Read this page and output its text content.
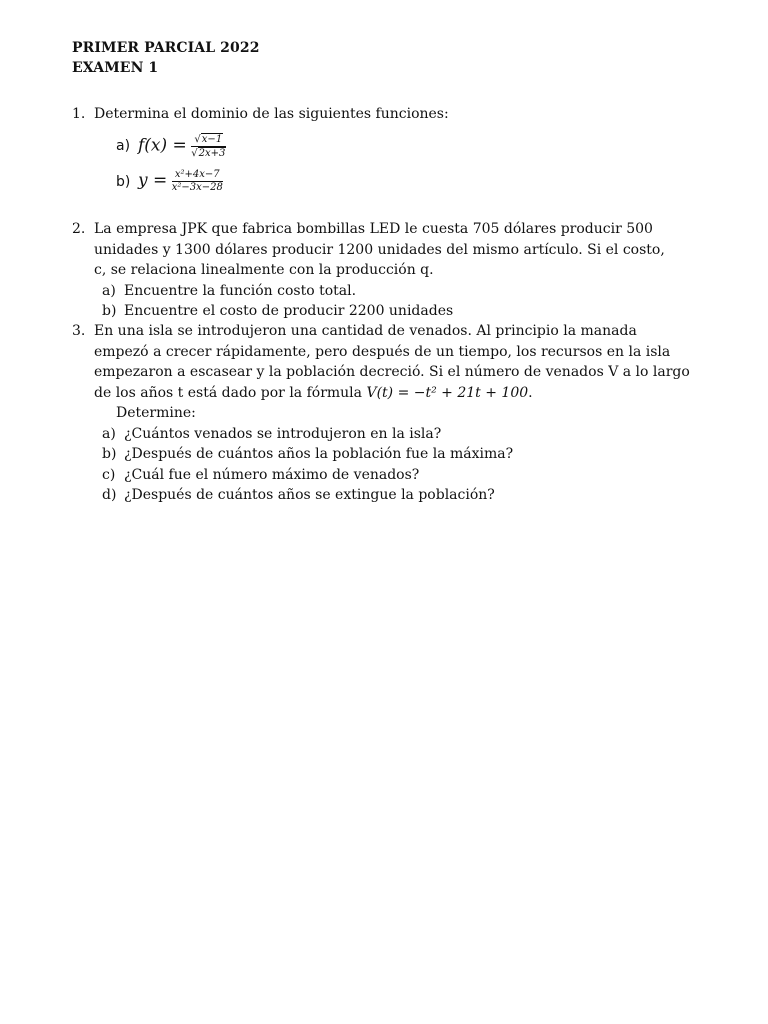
PRIMER PARCIAL 2022
EXAMEN 1
1. Determina el dominio de las siguientes funciones:
a) $f(x) = \frac{√x-1}{√2x+3}$
b) $y = \frac{\text{x²+4x−7}}{\text{x²−3x−28}}$
2. La empresa JPK que fabrica bombillas LED le cuesta 705 dólares producir 500
unidades y 1300 dólares producir 1200 unidades del mismo artículo. Si el costo,
c, se relaciona linealmente con la producción q.
a) Encuentre la función costo total.
b) Encuentre el costo de producir 2200 unidades
3. En una isla se introdujeron una cantidad de venados. Al principio la manada
empezó a crecer rápidamente, pero después de un tiempo, los recursos en la isla
empezaron a escasear y la población decreció. Si el número de venados V a lo largo
de los años t está dado por la fórmula V(t) = −t² + 21t + 100.
Determine:
a) ¿Cuántos venados se introdujeron en la isla?
b) ¿Después de cuántos años la población fue la máxima?
c) ¿Cuál fue el número máximo de venados?
d) ¿Después de cuántos años se extingue la población?
